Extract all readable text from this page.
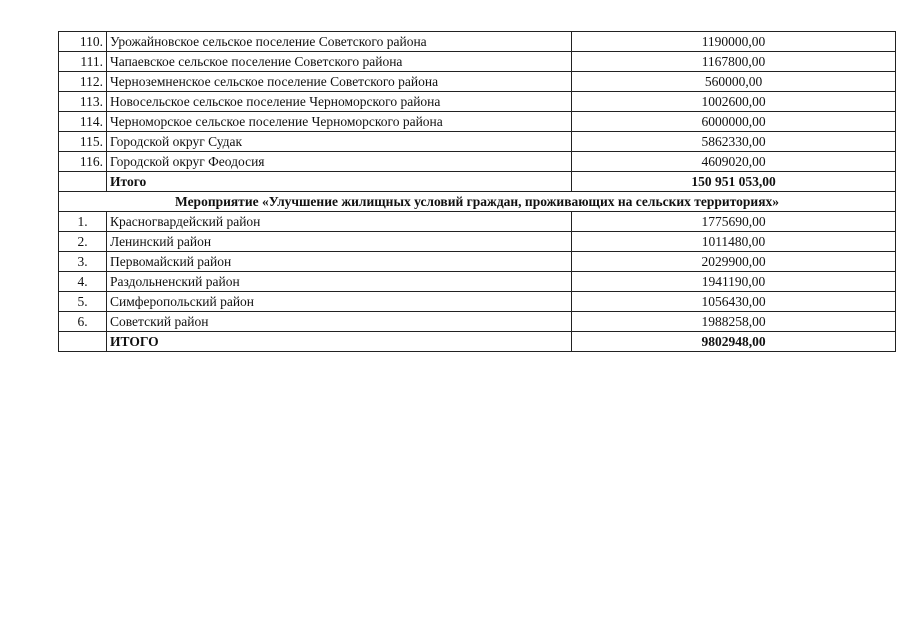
110.	Урожайновское сельское поселение Советского района	1190000,00
111.	Чапаевское сельское поселение Советского района	1167800,00
112.	Черноземненское сельское поселение Советского района	560000,00
113.	Новосельское сельское поселение Черноморского района	1002600,00
114.	Черноморское сельское поселение Черноморского района	6000000,00
115.	Городской округ Судак	5862330,00
116.	Городской округ Феодосия	4609020,00
	Итого	150 951 053,00
Мероприятие «Улучшение жилищных условий граждан, проживающих на сельских территориях»		
1.	Красногвардейский район	1775690,00
2.	Ленинский район	1011480,00
3.	Первомайский район	2029900,00
4.	Раздольненский район	1941190,00
5.	Симферопольский район	1056430,00
6.	Советский район	1988258,00
	ИТОГО	9802948,00
